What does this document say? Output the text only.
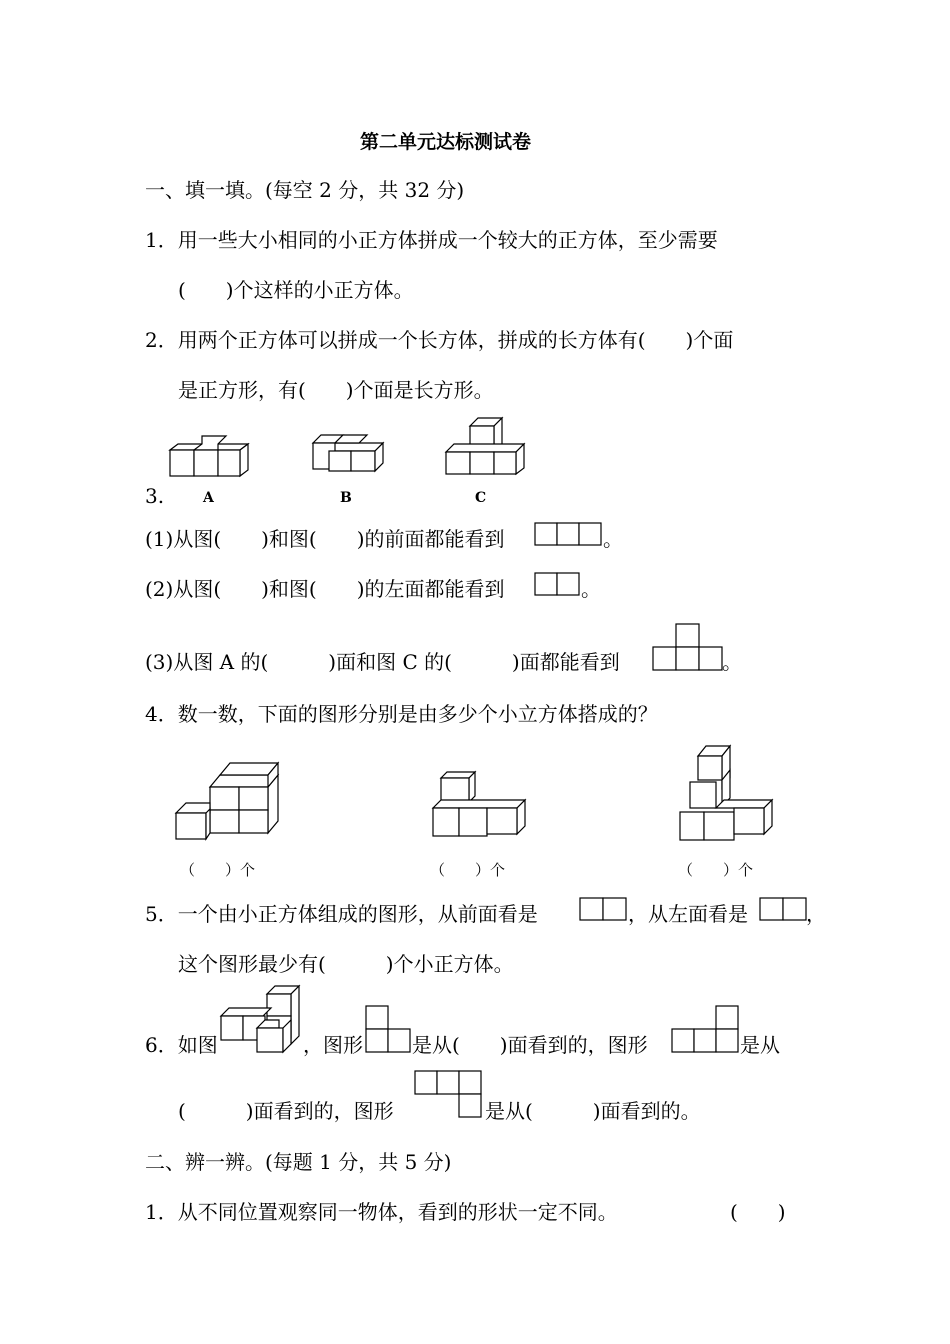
第二单元达标测试卷
一、填一填。(每空 2 分，共 32 分)
1．用一些大小相同的小正方体拼成一个较大的正方体，至少需要
(　　)个这样的小正方体。
2．用两个正方体可以拼成一个长方体，拼成的长方体有(　　)个面
是正方形，有(　　)个面是长方形。
3.	A	B	C
(1)从图(　　)和图(　　)的前面都能看到	。
(2)从图(　　)和图(　　)的左面都能看到	。
(3)从图 A 的(　　　)面和图 C 的(　　　)面都能看到	。
4．数一数，下面的图形分别是由多少个小立方体搭成的？
（　　）个	（　　）个	（　　）个
5．一个由小正方体组成的图形，从前面看是	，从左面看是	，
这个图形最少有(　　　)个小正方体。
6．如图	，图形 是从(　　)面看到的，图形	是从
(　　　)面看到的，图形	是从(　　　)面看到的。
二、辨一辨。(每题 1 分，共 5 分)
1．从不同位置观察同一物体，看到的形状一定不同。	(　　)
